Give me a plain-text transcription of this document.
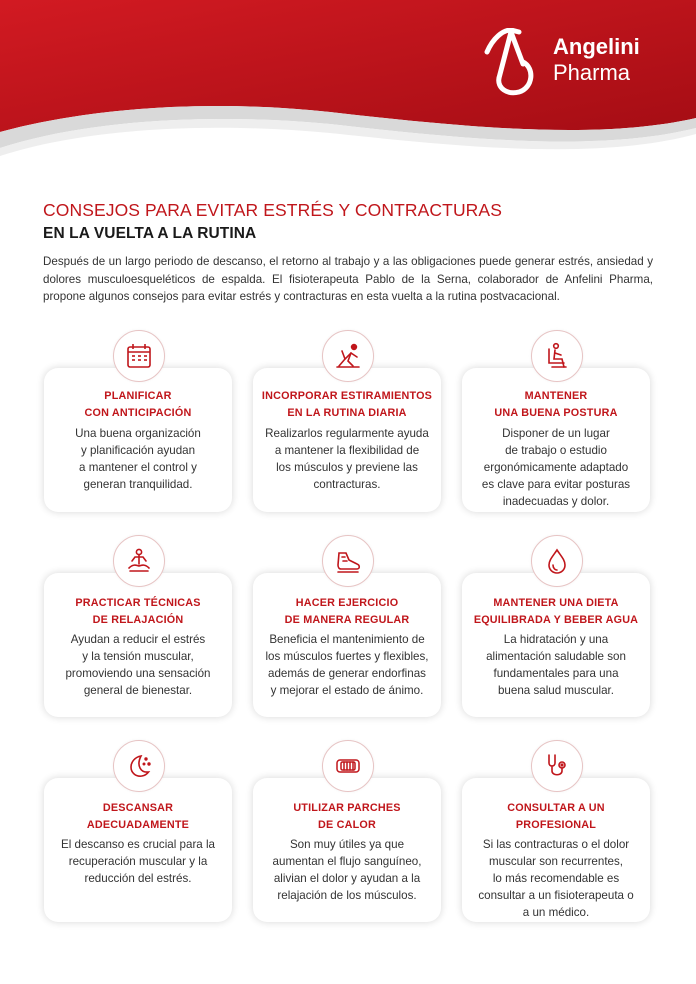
Angelini
Pharma
CONSEJOS PARA EVITAR ESTRÉS Y CONTRACTURAS
EN LA VUELTA A LA RUTINA
Después de un largo periodo de descanso, el retorno al trabajo y a las obligaciones puede generar estrés, ansiedad y dolores musculoesqueléticos de espalda. El fisioterapeuta Pablo de la Serna, colaborador de Anfelini Pharma, propone algunos consejos para evitar estrés y contracturas en esta vuelta a la rutina postvacacional.
PLANIFICAR
CON ANTICIPACIÓN
Una buena organización
y planificación ayudan
a mantener el control y
generan tranquilidad.
INCORPORAR ESTIRAMIENTOS
EN LA RUTINA DIARIA
Realizarlos regularmente ayuda
a mantener la flexibilidad de
los músculos y previene las
contracturas.
MANTENER
UNA BUENA POSTURA
Disponer de un lugar
de trabajo o estudio
ergonómicamente adaptado
es clave para evitar posturas
inadecuadas y dolor.
PRACTICAR TÉCNICAS
DE RELAJACIÓN
Ayudan a reducir el estrés
y la tensión muscular,
promoviendo una sensación
general de bienestar.
HACER EJERCICIO
DE MANERA REGULAR
Beneficia el mantenimiento de
los músculos fuertes y flexibles,
además de generar endorfinas
y mejorar el estado de ánimo.
MANTENER UNA DIETA
EQUILIBRADA Y BEBER AGUA
La hidratación y una
alimentación saludable son
fundamentales para una
buena salud muscular.
DESCANSAR
ADECUADAMENTE
El descanso es crucial para la
recuperación muscular y la
reducción del estrés.
UTILIZAR PARCHES
DE CALOR
Son muy útiles ya que
aumentan el flujo sanguíneo,
alivian el dolor y ayudan a la
relajación de los músculos.
CONSULTAR A UN
PROFESIONAL
Si las contracturas o el dolor
muscular son recurrentes,
lo más recomendable es
consultar a un fisioterapeuta o
a un médico.
